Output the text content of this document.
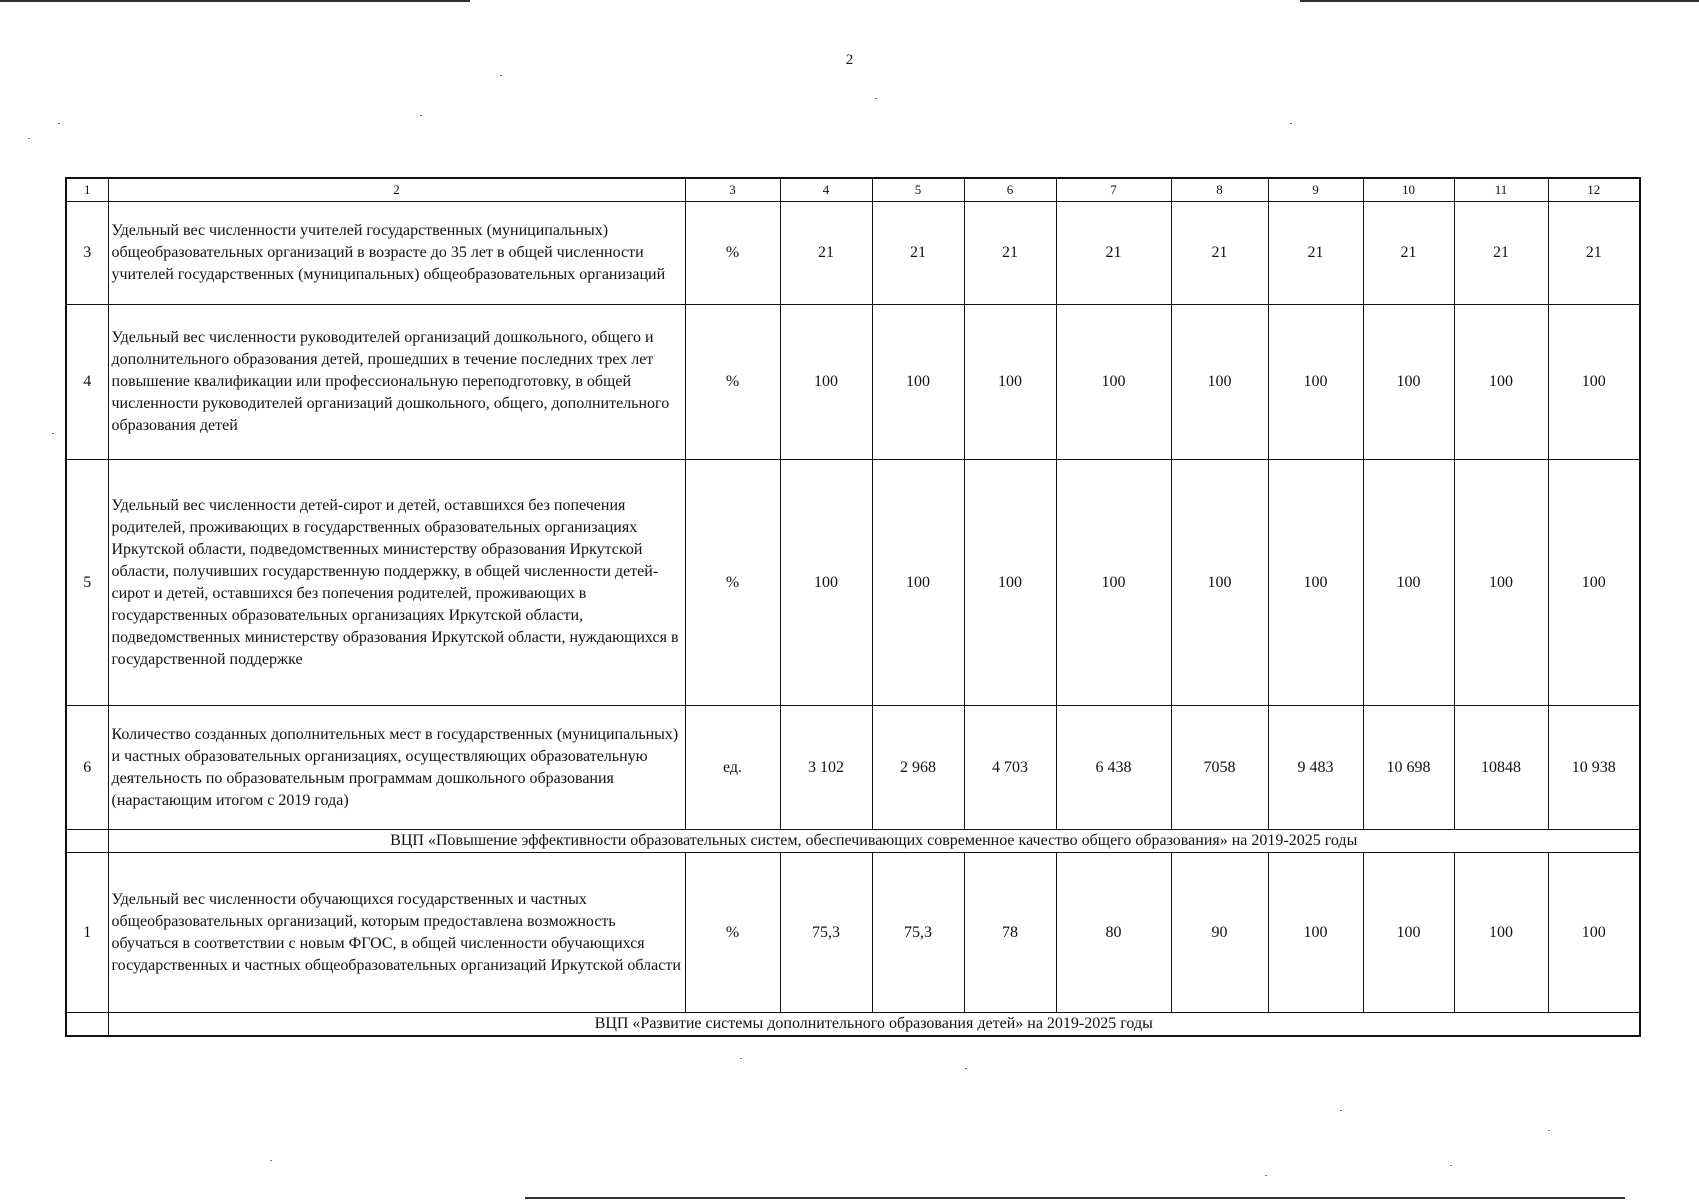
2
1	2	3	4	5	6	7	8	9	10	11	12
3	Удельный вес численности учителей государственных (муниципальных) общеобразовательных организаций в возрасте до 35 лет в общей численности учителей государственных (муниципальных) общеобразовательных организаций	%	21	21	21	21	21	21	21	21	21
4	Удельный вес численности руководителей организаций дошкольного, общего и дополнительного образования детей, прошедших в течение последних трех лет повышение квалификации или профессиональную переподготовку, в общей численности руководителей организаций дошкольного, общего, дополнительного образования детей	%	100	100	100	100	100	100	100	100	100
5	Удельный вес численности детей-сирот и детей, оставшихся без попечения родителей, проживающих в государственных образовательных организациях Иркутской области, подведомственных министерству образования Иркутской области, получивших государственную поддержку, в общей численности детей-сирот и детей, оставшихся без попечения родителей, проживающих в государственных образовательных организациях Иркутской области, подведомственных министерству образования Иркутской области, нуждающихся в государственной поддержке	%	100	100	100	100	100	100	100	100	100
6	Количество созданных дополнительных мест в государственных (муниципальных) и частных образовательных организациях, осуществляющих образовательную деятельность по образовательным программам дошкольного образования (нарастающим итогом с 2019 года)	ед.	3 102	2 968	4 703	6 438	7058	9 483	10 698	10848	10 938
	ВЦП «Повышение эффективности образовательных систем, обеспечивающих современное качество общего образования» на 2019-2025 годы										
1	Удельный вес численности обучающихся государственных и частных общеобразовательных организаций, которым предоставлена возможность обучаться в соответствии с новым ФГОС, в общей численности обучающихся государственных и частных общеобразовательных организаций Иркутской области	%	75,3	75,3	78	80	90	100	100	100	100
	ВЦП «Развитие системы дополнительного образования детей» на 2019-2025 годы										
